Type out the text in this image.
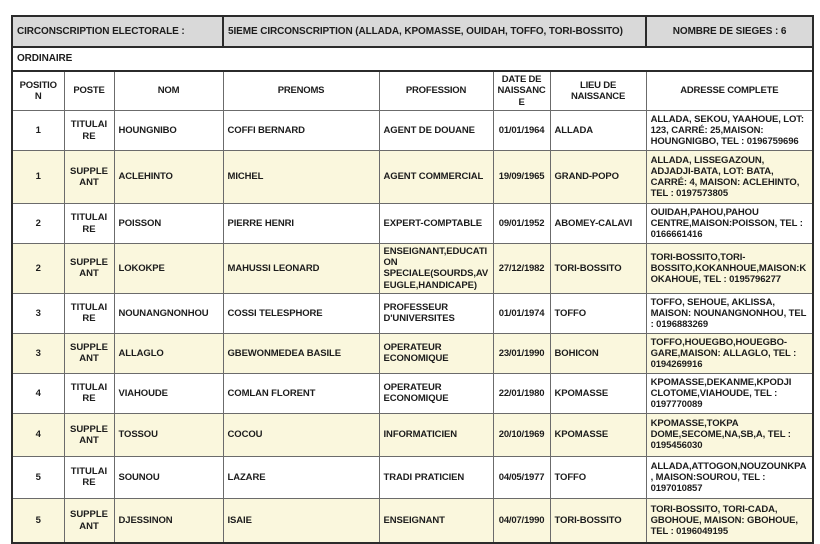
CIRCONSCRIPTION ELECTORALE :			5IEME CIRCONSCRIPTION (ALLADA, KPOMASSE, OUIDAH, TOFFO, TORI-BOSSITO)				NOMBRE DE SIEGES : 6
ORDINAIRE							
POSITION	POSTE	NOM	PRENOMS	PROFESSION	DATE DE NAISSANCE	LIEU DE NAISSANCE	ADRESSE COMPLETE
1	TITULAIRE	HOUNGNIBO	COFFI BERNARD	AGENT DE DOUANE	01/01/1964	ALLADA	ALLADA, SEKOU, YAAHOUE, LOT: 123, CARRÉ: 25,MAISON: HOUNGNIGBO, TEL : 0196759696
1	SUPPLEANT	ACLEHINTO	MICHEL	AGENT COMMERCIAL	19/09/1965	GRAND-POPO	ALLADA, LISSEGAZOUN, ADJADJI-BATA, LOT: BATA, CARRÉ: 4, MAISON: ACLEHINTO, TEL : 0197573805
2	TITULAIRE	POISSON	PIERRE HENRI	EXPERT-COMPTABLE	09/01/1952	ABOMEY-CALAVI	OUIDAH,PAHOU,PAHOU CENTRE,MAISON:POISSON, TEL : 0166661416
2	SUPPLEANT	LOKOKPE	MAHUSSI LEONARD	ENSEIGNANT,EDUCATION SPECIALE(SOURDS,AVEUGLE,HANDICAPE)	27/12/1982	TORI-BOSSITO	TORI-BOSSITO,TORI-BOSSITO,KOKANHOUE,MAISON:KOKAHOUE, TEL : 0195796277
3	TITULAIRE	NOUNANGNONHOU	COSSI TELESPHORE	PROFESSEUR D'UNIVERSITES	01/01/1974	TOFFO	TOFFO, SEHOUE, AKLISSA, MAISON: NOUNANGNONHOU, TEL : 0196883269
3	SUPPLEANT	ALLAGLO	GBEWONMEDEA BASILE	OPERATEUR ECONOMIQUE	23/01/1990	BOHICON	TOFFO,HOUEGBO,HOUEGBO-GARE,MAISON: ALLAGLO, TEL : 0194269916
4	TITULAIRE	VIAHOUDE	COMLAN FLORENT	OPERATEUR ECONOMIQUE	22/01/1980	KPOMASSE	KPOMASSE,DEKANME,KPODJI CLOTOME,VIAHOUDE, TEL : 0197770089
4	SUPPLEANT	TOSSOU	COCOU	INFORMATICIEN	20/10/1969	KPOMASSE	KPOMASSE,TOKPA DOME,SECOME,NA,SB,A, TEL : 0195456030
5	TITULAIRE	SOUNOU	LAZARE	TRADI PRATICIEN	04/05/1977	TOFFO	ALLADA,ATTOGON,NOUZOUNKPA, MAISON:SOUROU, TEL : 0197010857
5	SUPPLEANT	DJESSINON	ISAIE	ENSEIGNANT	04/07/1990	TORI-BOSSITO	TORI-BOSSITO, TORI-CADA, GBOHOUE, MAISON: GBOHOUE, TEL : 0196049195
